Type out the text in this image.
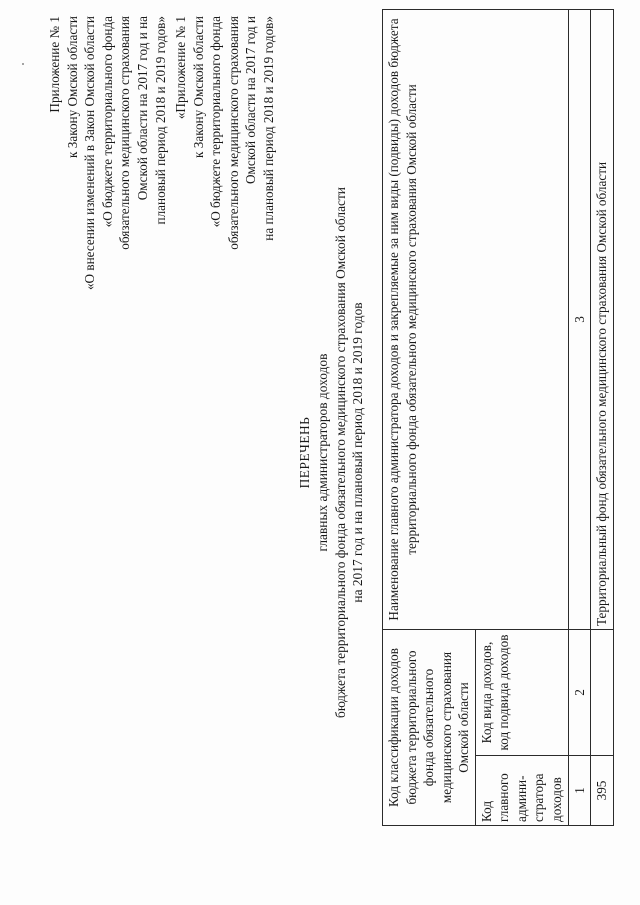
Приложение № 1 к Закону Омской области «О внесении изменений в Закон Омской области «О бюджете территориального фонда обязательного медицинского страхования Омской области на 2017 год и на плановый период 2018 и 2019 годов» «Приложение № 1 к Закону Омской области «О бюджете территориального фонда обязательного медицинского страхования Омской области на 2017 год и на плановый период 2018 и 2019 годов»
ПЕРЕЧЕНЬ главных администраторов доходов бюджета территориального фонда обязательного медицинского страхования Омской области на 2017 год и на плановый период 2018 и 2019 годов
Код классификации доходов бюджета территориального фонда обязательного медицинского страхования Омской области		Наименование главного администратора доходов и закрепляемые за ним виды (подвиды) доходов бюджета территориального фонда обязательного медицинского страхования Омской области
Код главного админи-стратора доходов	Код вида доходов, код подвида доходов	
1	2	3
395		Территориальный фонд обязательного медицинского страхования Омской области
